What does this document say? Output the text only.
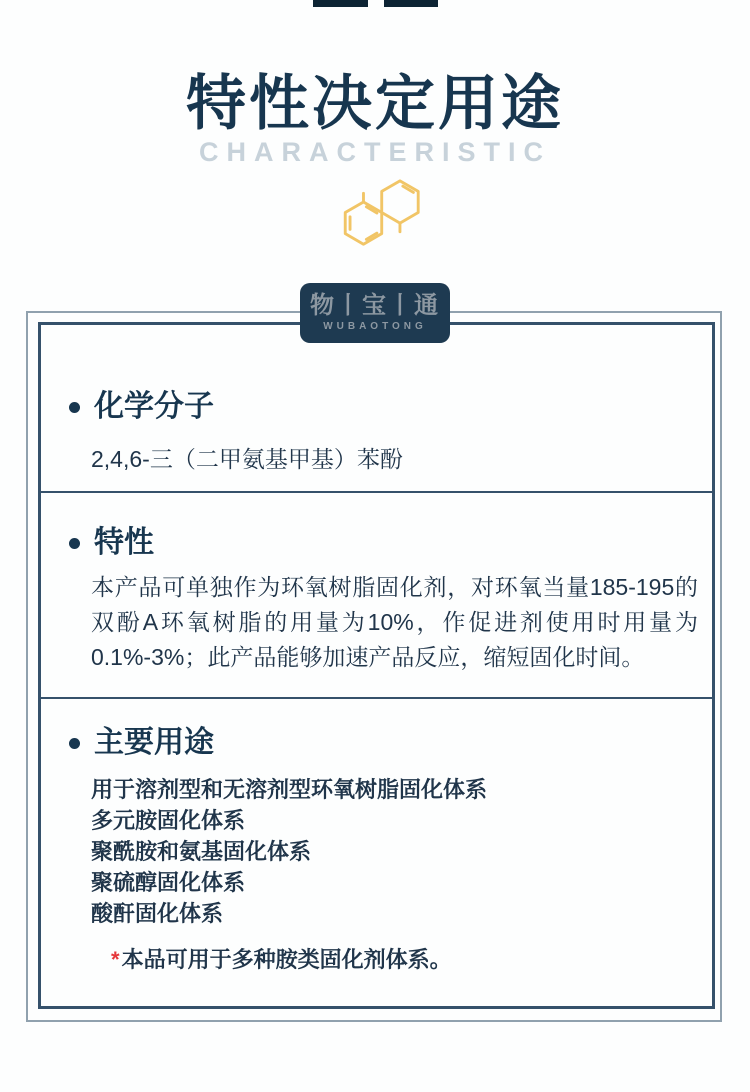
特性决定用途
CHARACTERISTIC
物丨宝丨通
WUBAOTONG
化学分子
2,4,6-三（二甲氨基甲基）苯酚
特性
本产品可单独作为环氧树脂固化剂，对环氧当量185-195的双酚A环氧树脂的用量为10%，作促进剂使用时用量为0.1%-3%；此产品能够加速产品反应，缩短固化时间。
主要用途
用于溶剂型和无溶剂型环氧树脂固化体系
多元胺固化体系
聚酰胺和氨基固化体系
聚硫醇固化体系
酸酐固化体系
*本品可用于多种胺类固化剂体系。
